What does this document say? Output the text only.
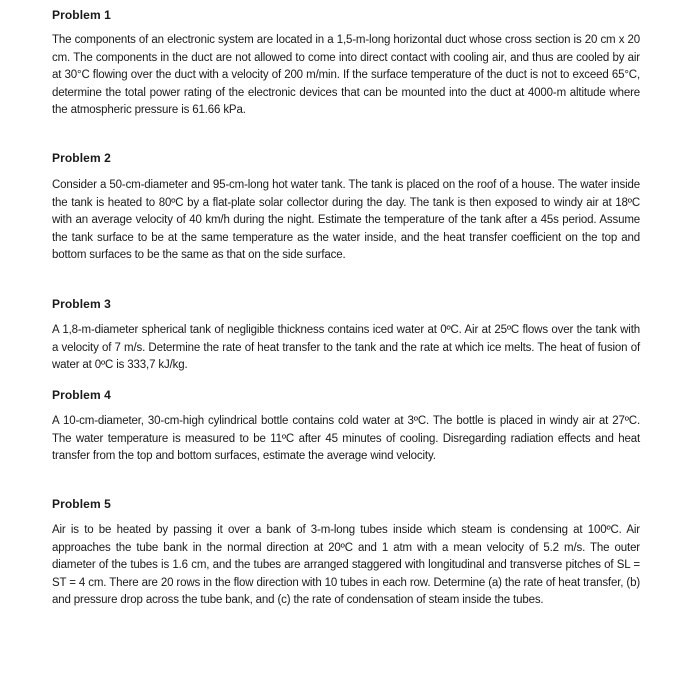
Problem 1
The components of an electronic system are located in a 1,5-m-long horizontal duct whose cross section is 20 cm x 20 cm. The components in the duct are not allowed to come into direct contact with cooling air, and thus are cooled by air at 30°C flowing over the duct with a velocity of 200 m/min. If the surface temperature of the duct is not to exceed 65°C, determine the total power rating of the electronic devices that can be mounted into the duct at 4000-m altitude where the atmospheric pressure is 61.66 kPa.
Problem 2
Consider a 50-cm-diameter and 95-cm-long hot water tank. The tank is placed on the roof of a house. The water inside the tank is heated to 80ºC by a flat-plate solar collector during the day. The tank is then exposed to windy air at 18ºC with an average velocity of 40 km/h during the night. Estimate the temperature of the tank after a 45s period. Assume the tank surface to be at the same temperature as the water inside, and the heat transfer coefficient on the top and bottom surfaces to be the same as that on the side surface.
Problem 3
A 1,8-m-diameter spherical tank of negligible thickness contains iced water at 0ºC. Air at 25ºC flows over the tank with a velocity of 7 m/s. Determine the rate of heat transfer to the tank and the rate at which ice melts. The heat of fusion of water at 0ºC is 333,7 kJ/kg.
Problem 4
A 10-cm-diameter, 30-cm-high cylindrical bottle contains cold water at 3ºC. The bottle is placed in windy air at 27ºC. The water temperature is measured to be 11ºC after 45 minutes of cooling. Disregarding radiation effects and heat transfer from the top and bottom surfaces, estimate the average wind velocity.
Problem 5
Air is to be heated by passing it over a bank of 3-m-long tubes inside which steam is condensing at 100ºC. Air approaches the tube bank in the normal direction at 20ºC and 1 atm with a mean velocity of 5.2 m/s. The outer diameter of the tubes is 1.6 cm, and the tubes are arranged staggered with longitudinal and transverse pitches of SL = ST = 4 cm. There are 20 rows in the flow direction with 10 tubes in each row. Determine (a) the rate of heat transfer, (b) and pressure drop across the tube bank, and (c) the rate of condensation of steam inside the tubes.
